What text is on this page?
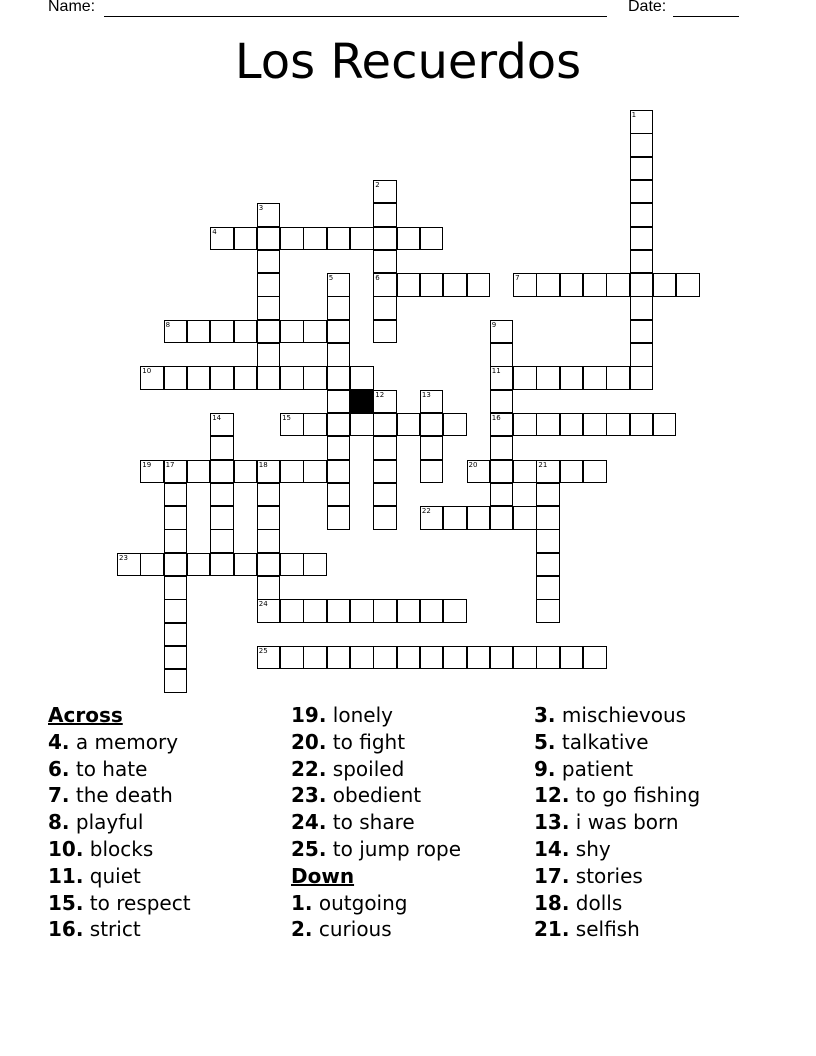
Name:	Date:
Los Recuerdos
4
6	7
8
10	11
15	16
19 17	18	20	21
22
23
24
25
1
2
3
5
9
12	13
14
Across
4. a memory
6. to hate
7. the death
8. playful
10. blocks
11. quiet
15. to respect
16. strict
19. lonely
20. to fight
22. spoiled
23. obedient
24. to share
25. to jump rope
Down
1. outgoing
2. curious
3. mischievous
5. talkative
9. patient
12. to go fishing
13. i was born
14. shy
17. stories
18. dolls
21. selfish
